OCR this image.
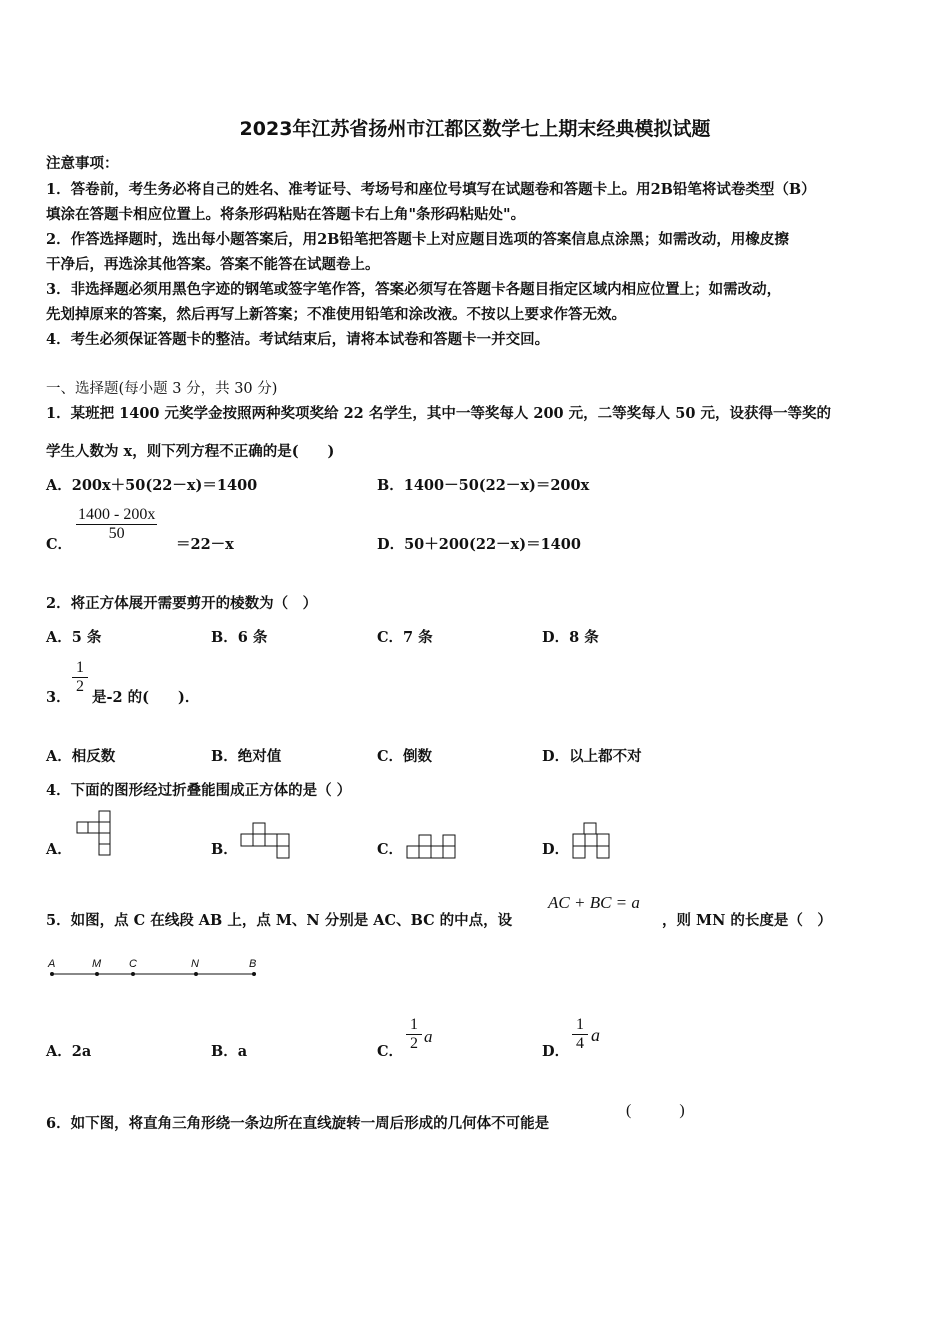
2023年江苏省扬州市江都区数学七上期末经典模拟试题
注意事项：
1．答卷前，考生务必将自己的姓名、准考证号、考场号和座位号填写在试题卷和答题卡上。用2B铅笔将试卷类型（B）
填涂在答题卡相应位置上。将条形码粘贴在答题卡右上角"条形码粘贴处"。
2．作答选择题时，选出每小题答案后，用2B铅笔把答题卡上对应题目选项的答案信息点涂黑；如需改动，用橡皮擦
干净后，再选涂其他答案。答案不能答在试题卷上。
3．非选择题必须用黑色字迹的钢笔或签字笔作答，答案必须写在答题卡各题目指定区域内相应位置上；如需改动，
先划掉原来的答案，然后再写上新答案；不准使用铅笔和涂改液。不按以上要求作答无效。
4．考生必须保证答题卡的整洁。考试结束后，请将本试卷和答题卡一并交回。
一、选择题(每小题 3 分，共 30 分)
1．某班把 1400 元奖学金按照两种奖项奖给 22 名学生，其中一等奖每人 200 元，二等奖每人 50 元，设获得一等奖的
学生人数为 x，则下列方程不正确的是(　　)
A．200x＋50(22－x)＝1400	B．1400－50(22－x)＝200x
C．
1400 - 200x
50
＝22－x	D．50＋200(22－x)＝1400
2．将正方体展开需要剪开的棱数为（　）
A．5 条	B．6 条	C．7 条	D．8 条
3．
1
2
是-2 的(　　)．
A．相反数	B．绝对值	C．倒数	D．以上都不对
4．下面的图形经过折叠能围成正方体的是（ ）
A．	B．	C．	D．
5．如图，点 C 在线段 AB 上，点 M、N 分别是 AC、BC 的中点，设
AC + BC = a
，则 MN 的长度是（　）
A	M	C	N	B
A．2a	B．a	C．
1
2 a
D．
1
4 a
6．如下图，将直角三角形绕一条边所在直线旋转一周后形成的几何体不可能是
(　　　)
